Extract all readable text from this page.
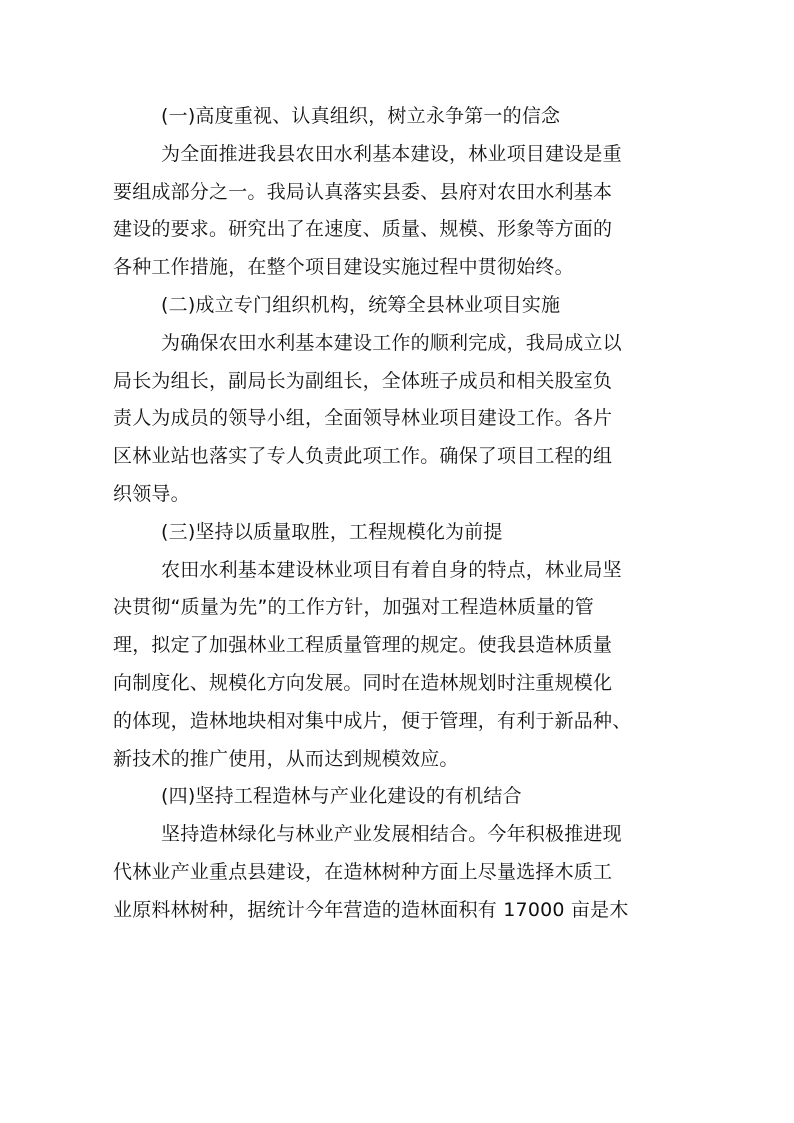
(一)高度重视、认真组织，树立永争第一的信念
为全面推进我县农田水利基本建设，林业项目建设是重
要组成部分之一。我局认真落实县委、县府对农田水利基本
建设的要求。研究出了在速度、质量、规模、形象等方面的
各种工作措施，在整个项目建设实施过程中贯彻始终。
(二)成立专门组织机构，统筹全县林业项目实施
为确保农田水利基本建设工作的顺利完成，我局成立以
局长为组长，副局长为副组长，全体班子成员和相关股室负
责人为成员的领导小组，全面领导林业项目建设工作。各片
区林业站也落实了专人负责此项工作。确保了项目工程的组
织领导。
(三)坚持以质量取胜，工程规模化为前提
农田水利基本建设林业项目有着自身的特点，林业局坚
决贯彻“质量为先”的工作方针，加强对工程造林质量的管
理，拟定了加强林业工程质量管理的规定。使我县造林质量
向制度化、规模化方向发展。同时在造林规划时注重规模化
的体现，造林地块相对集中成片，便于管理，有利于新品种、
新技术的推广使用，从而达到规模效应。
(四)坚持工程造林与产业化建设的有机结合
坚持造林绿化与林业产业发展相结合。今年积极推进现
代林业产业重点县建设，在造林树种方面上尽量选择木质工
业原料林树种，据统计今年营造的造林面积有 17000 亩是木
